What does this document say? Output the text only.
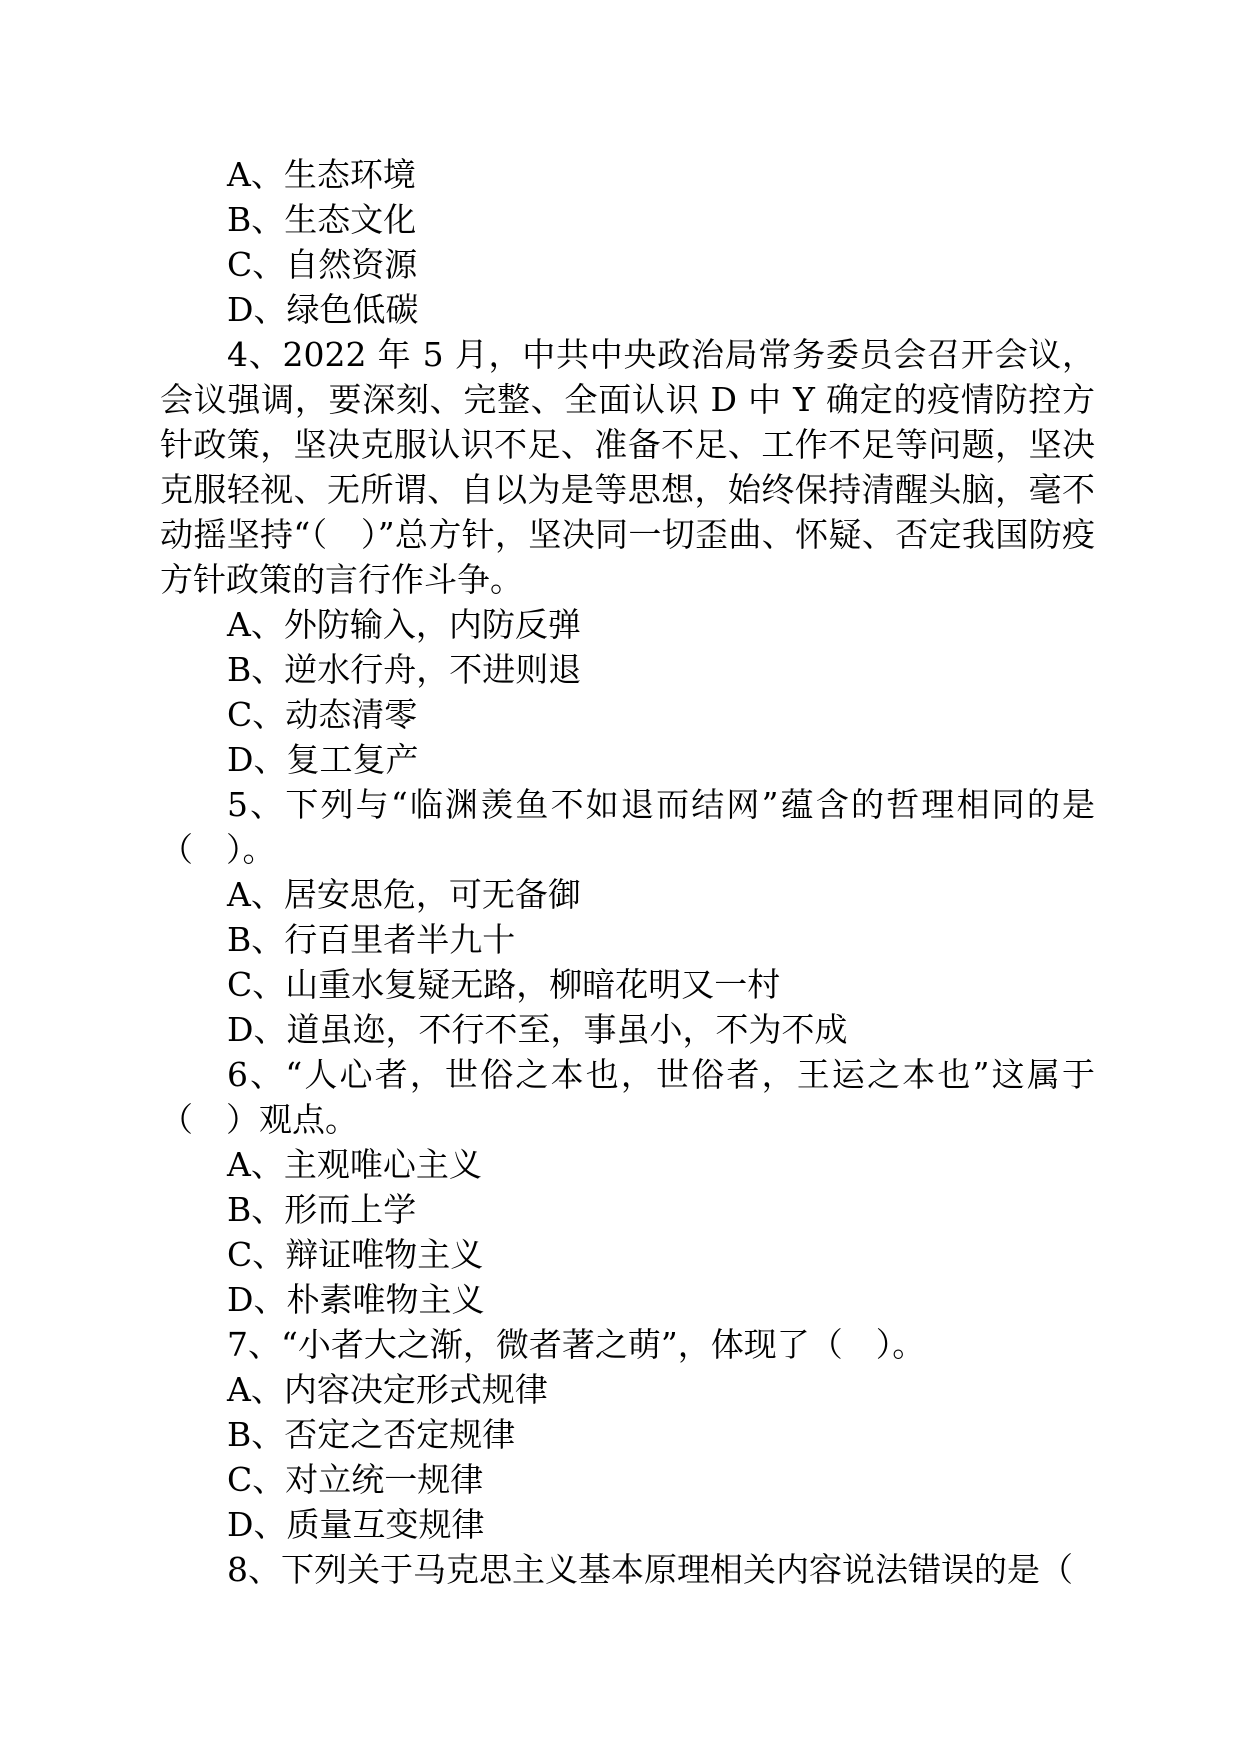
A、生态环境

B、生态文化

C、自然资源

D、绿色低碳

4、2022 年 5 月，中共中央政治局常务委员会召开会议，会议强调，要深刻、完整、全面认识 D 中 Y 确定的疫情防控方针政策，坚决克服认识不足、准备不足、工作不足等问题，坚决克服轻视、无所谓、自以为是等思想，始终保持清醒头脑，毫不动摇坚持“（　）”总方针，坚决同一切歪曲、怀疑、否定我国防疫方针政策的言行作斗争。

A、外防输入，内防反弹

B、逆水行舟，不进则退

C、动态清零

D、复工复产

5、下列与“临渊羡鱼不如退而结网”蕴含的哲理相同的是（　）。

A、居安思危，可无备御

B、行百里者半九十

C、山重水复疑无路，柳暗花明又一村

D、道虽迩，不行不至，事虽小，不为不成

6、“人心者，世俗之本也，世俗者，王运之本也”这属于（　）观点。

A、主观唯心主义

B、形而上学

C、辩证唯物主义

D、朴素唯物主义

7、“小者大之渐，微者著之萌”，体现了（　）。

A、内容决定形式规律

B、否定之否定规律

C、对立统一规律

D、质量互变规律

8、下列关于马克思主义基本原理相关内容说法错误的是（
